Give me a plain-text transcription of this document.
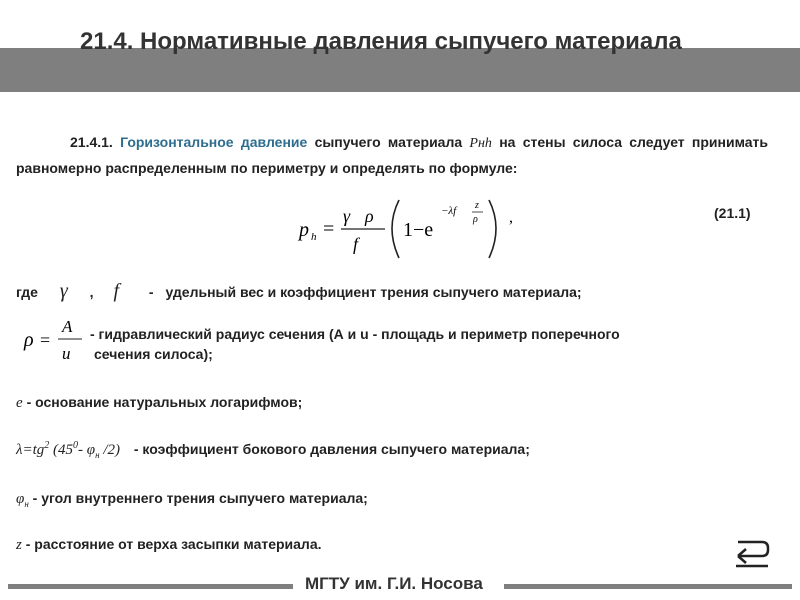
21.4. Нормативные давления сыпучего материала
21.4.1. Горизонтальное давление сыпучего материала Pнh на стены силоса следует принимать равномерно распределенным по периметру и определять по формуле:
p h =
γ ρ
f
1−e
−λf z
ρ ,	(21.1)
где γ , f - удельный вес и коэффициент трения сыпучего материала;
ρ =
A
u
- гидравлический радиус сечения (А и u - площадь и периметр поперечного
сечения силоса);
e - основание натуральных логарифмов;
$\lambda=tg^2$ ($45^0-$ $\varphi_н$ /2) - коэффициент бокового давления сыпучего материала;
$\varphi_н$ - угол внутреннего трения сыпучего материала;
z - расстояние от верха засыпки материала.
МГТУ им. Г.И. Носова
